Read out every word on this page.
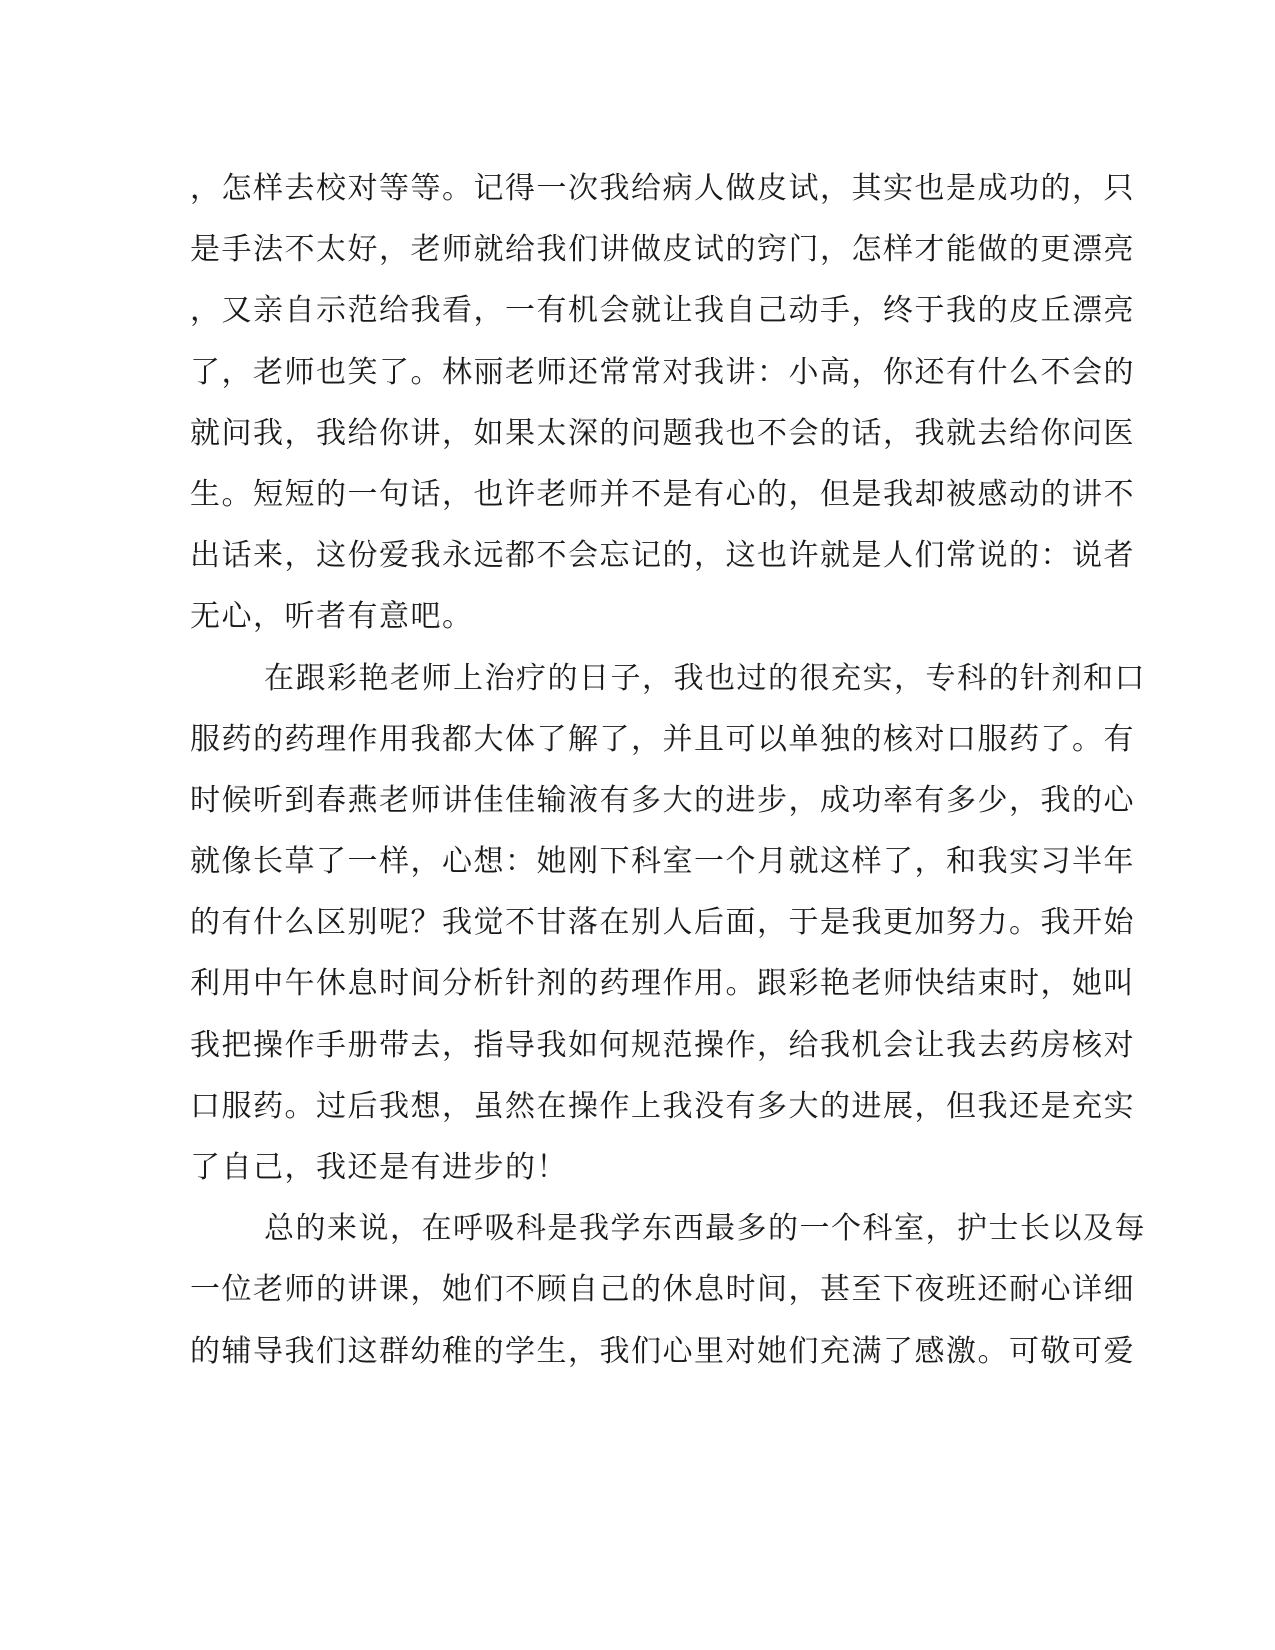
，怎样去校对等等。记得一次我给病人做皮试，其实也是成功的，只
是手法不太好，老师就给我们讲做皮试的窍门，怎样才能做的更漂亮
，又亲自示范给我看，一有机会就让我自己动手，终于我的皮丘漂亮
了，老师也笑了。林丽老师还常常对我讲：小高，你还有什么不会的
就问我，我给你讲，如果太深的问题我也不会的话，我就去给你问医
生。短短的一句话，也许老师并不是有心的，但是我却被感动的讲不
出话来，这份爱我永远都不会忘记的，这也许就是人们常说的：说者
无心，听者有意吧。
在跟彩艳老师上治疗的日子，我也过的很充实，专科的针剂和口
服药的药理作用我都大体了解了，并且可以单独的核对口服药了。有
时候听到春燕老师讲佳佳输液有多大的进步，成功率有多少，我的心
就像长草了一样，心想：她刚下科室一个月就这样了，和我实习半年
的有什么区别呢？我觉不甘落在别人后面，于是我更加努力。我开始
利用中午休息时间分析针剂的药理作用。跟彩艳老师快结束时，她叫
我把操作手册带去，指导我如何规范操作，给我机会让我去药房核对
口服药。过后我想，虽然在操作上我没有多大的进展，但我还是充实
了自己，我还是有进步的！
总的来说，在呼吸科是我学东西最多的一个科室，护士长以及每
一位老师的讲课，她们不顾自己的休息时间，甚至下夜班还耐心详细
的辅导我们这群幼稚的学生，我们心里对她们充满了感激。可敬可爱
